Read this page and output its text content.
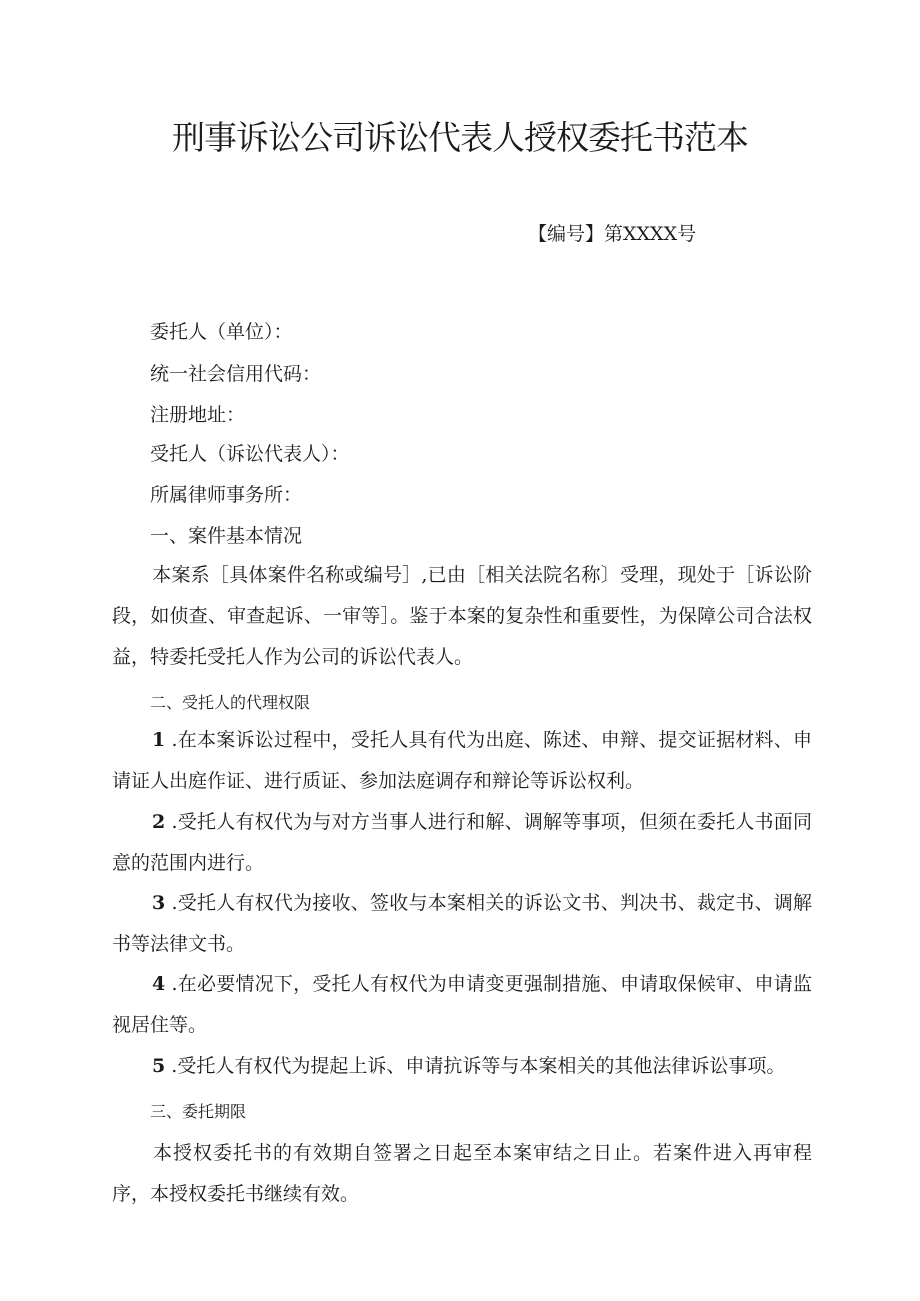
刑事诉讼公司诉讼代表人授权委托书范本
【编号】第XXXX号
委托人（单位）：
统一社会信用代码：
注册地址：
受托人（诉讼代表人）：
所属律师事务所：
一、案件基本情况

本案系［具体案件名称或编号］,已由［相关法院名称〕受理，现处于［诉讼阶段，如侦查、审查起诉、一审等］。鉴于本案的复杂性和重要性，为保障公司合法权益，特委托受托人作为公司的诉讼代表人。

二、受托人的代理权限

1 .在本案诉讼过程中，受托人具有代为出庭、陈述、申辩、提交证据材料、申请证人出庭作证、进行质证、参加法庭调存和辩论等诉讼权利。

2 .受托人有权代为与对方当事人进行和解、调解等事项，但须在委托人书面同意的范围内进行。

3 .受托人有权代为接收、签收与本案相关的诉讼文书、判决书、裁定书、调解书等法律文书。

4 .在必要情况下，受托人有权代为申请变更强制措施、申请取保候审、申请监视居住等。

5 .受托人有权代为提起上诉、申请抗诉等与本案相关的其他法律诉讼事项。

三、委托期限

本授权委托书的有效期自签署之日起至本案审结之日止。若案件进入再审程序，本授权委托书继续有效。
